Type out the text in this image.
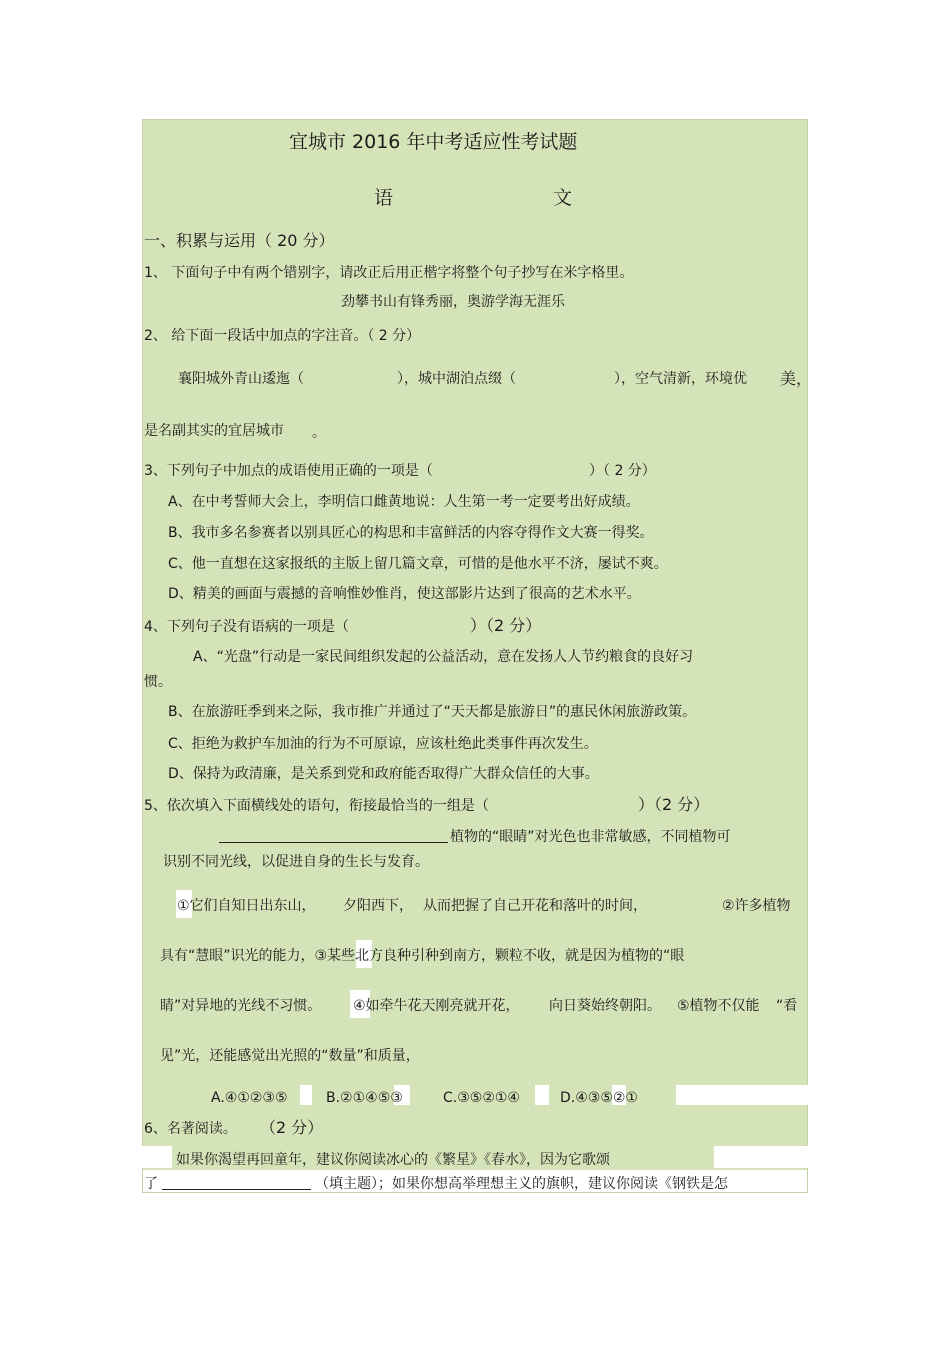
宜城市 2016 年中考适应性考试题
语	文
一、积累与运用（ 20 分）
1、 下面句子中有两个错别字，请改正后用正楷字将整个句子抄写在米字格里。
劲攀书山有锋秀丽，奥游学海无涯乐
2、 给下面一段话中加点的字注音。（ 2 分）
襄阳城外青山逶迤（	），城中湖泊点缀（	），空气清新，环境优 美，
是名副其实的宜居城市 。
3、下列句子中加点的成语使用正确的一项是（	）（ 2 分）
A、在中考誓师大会上，李明信口雌黄地说：人生第一考一定要考出好成绩。
B、我市多名参赛者以别具匠心的构思和丰富鲜活的内容夺得作文大赛一得奖。
C、他一直想在这家报纸的主版上留几篇文章，可惜的是他水平不济，屡试不爽。
D、精美的画面与震撼的音响惟妙惟肖，使这部影片达到了很高的艺术水平。
4、下列句子没有语病的一项是（	）（2 分）
A、“光盘”行动是一家民间组织发起的公益活动，意在发扬人人节约粮食的良好习
惯。
B、在旅游旺季到来之际，我市推广并通过了“天天都是旅游日”的惠民休闲旅游政策。
C、拒绝为救护车加油的行为不可原谅，应该杜绝此类事件再次发生。
D、保持为政清廉，是关系到党和政府能否取得广大群众信任的大事。
5、依次填入下面横线处的语句，衔接最恰当的一组是（	）（2 分）
植物的“眼睛”对光色也非常敏感，不同植物可
识别不同光线，以促进自身的生长与发育。
①它们自知日出东山， 夕阳西下， 从而把握了自己开花和落叶的时间，	②许多植物
具有“慧眼”识光的能力，③某些北方良种引种到南方，颗粒不收，就是因为植物的“眼
睛”对异地的光线不习惯。 ④如牵牛花天刚亮就开花， 向日葵始终朝阳。 ⑤植物不仅能 “看
见”光，还能感觉出光照的“数量”和质量，
A.④①②③⑤	B.②①④⑤③	C.③⑤②①④	D.④③⑤②①
6、名著阅读。 （2 分）
如果你渴望再回童年，建议你阅读冰心的《繁星》《春水》，因为它歌颂
了	（填主题）；如果你想高举理想主义的旗帜，建议你阅读《钢铁是怎
